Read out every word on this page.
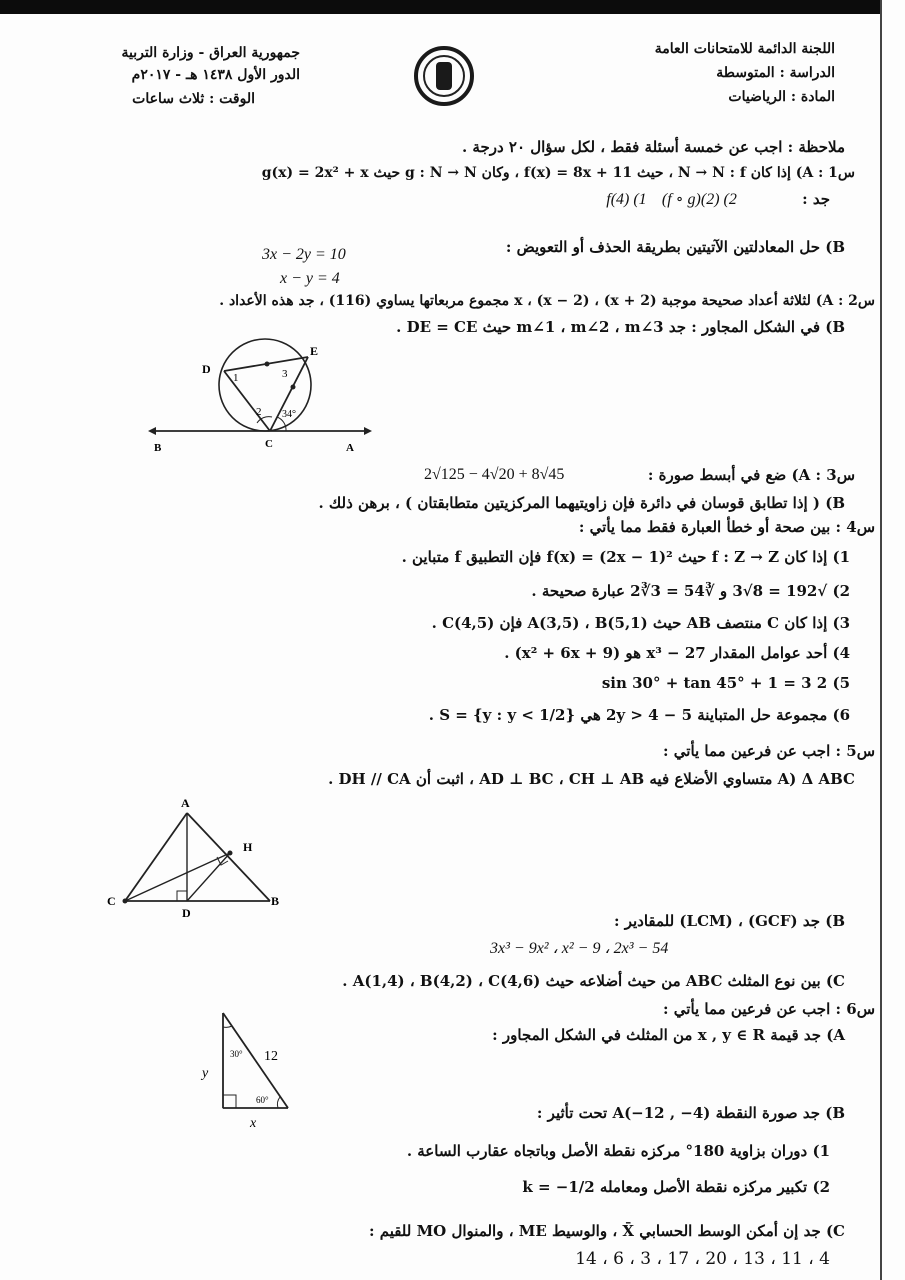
اللجنة الدائمة للامتحانات العامة
الدراسة : المتوسطة
المادة : الرياضيات
جمهورية العراق - وزارة التربية
الدور الأول ١٤٣٨ هـ - ٢٠١٧م
الوقت : ثلاث ساعات
ملاحظة : اجب عن خمسة أسئلة فقط ، لكل سؤال ٢٠ درجة .
س1 : A) إذا كان N → N : f ، حيث f(x) = 8x + 11 ، وكان g : N → N حيث g(x) = 2x² + x
جد : f(4) (1 (f ∘ g)(2) (2
B) حل المعادلتين الآتيتين بطريقة الحذف أو التعويض :
3x − 2y = 10
x − y = 4
س2 : A) لثلاثة أعداد صحيحة موجبة (x + 2) ، x ، (x − 2) مجموع مربعاتها يساوي (116) ، جد هذه الأعداد .
B) في الشكل المجاور : جد m∠1 ، m∠2 ، m∠3 حيث DE = CE .
D
E
C
B	A
1	3
2 34°
س3 : A) ضع في أبسط صورة :
2√125 − 4√20 + 8√45
B) ( إذا تطابق قوسان في دائرة فإن زاويتيهما المركزيتين متطابقتان ) ، برهن ذلك .
س4 : بين صحة أو خطأ العبارة فقط مما يأتي :
1) إذا كان f : Z → Z حيث f(x) = (2x − 1)² فإن التطبيق f متباين .
2) √192 = 8√3 و ∛54 = 3∛2 عبارة صحيحة .
3) إذا كان C منتصف AB حيث A(3,5) ، B(5,1) فإن C(4,5) .
4) أحد عوامل المقدار x³ − 27 هو (x² + 6x + 9) .
5) 2 sin 30° + tan 45° + 1 = 3
6) مجموعة حل المتباينة 5 − 2y > 4 هي S = {y : y < 1/2} .
س5 : اجب عن فرعين مما يأتي :
A) Δ ABC متساوي الأضلاع فيه AD ⊥ BC ، CH ⊥ AB ، اثبت أن DH // CA .
A
H
C
D
B
B) جد (GCF) ، (LCM) للمقادير :
3x³ − 9x² ، x² − 9 ، 2x³ − 54
C) بين نوع المثلث ABC من حيث أضلاعه حيث A(1,4) ، B(4,2) ، C(4,6) .
س6 : اجب عن فرعين مما يأتي :
A) جد قيمة x , y ∈ R من المثلث في الشكل المجاور :
30°
60°
12
y
x
B) جد صورة النقطة A(−12 , −4) تحت تأثير :
1) دوران بزاوية 180° مركزه نقطة الأصل وباتجاه عقارب الساعة .
2) تكبير مركزه نقطة الأصل ومعامله k = −1/2
C) جد إن أمكن الوسط الحسابي X̄ ، والوسيط ME ، والمنوال MO للقيم :
4 ، 11 ، 13 ، 20 ، 17 ، 3 ، 6 ، 14
